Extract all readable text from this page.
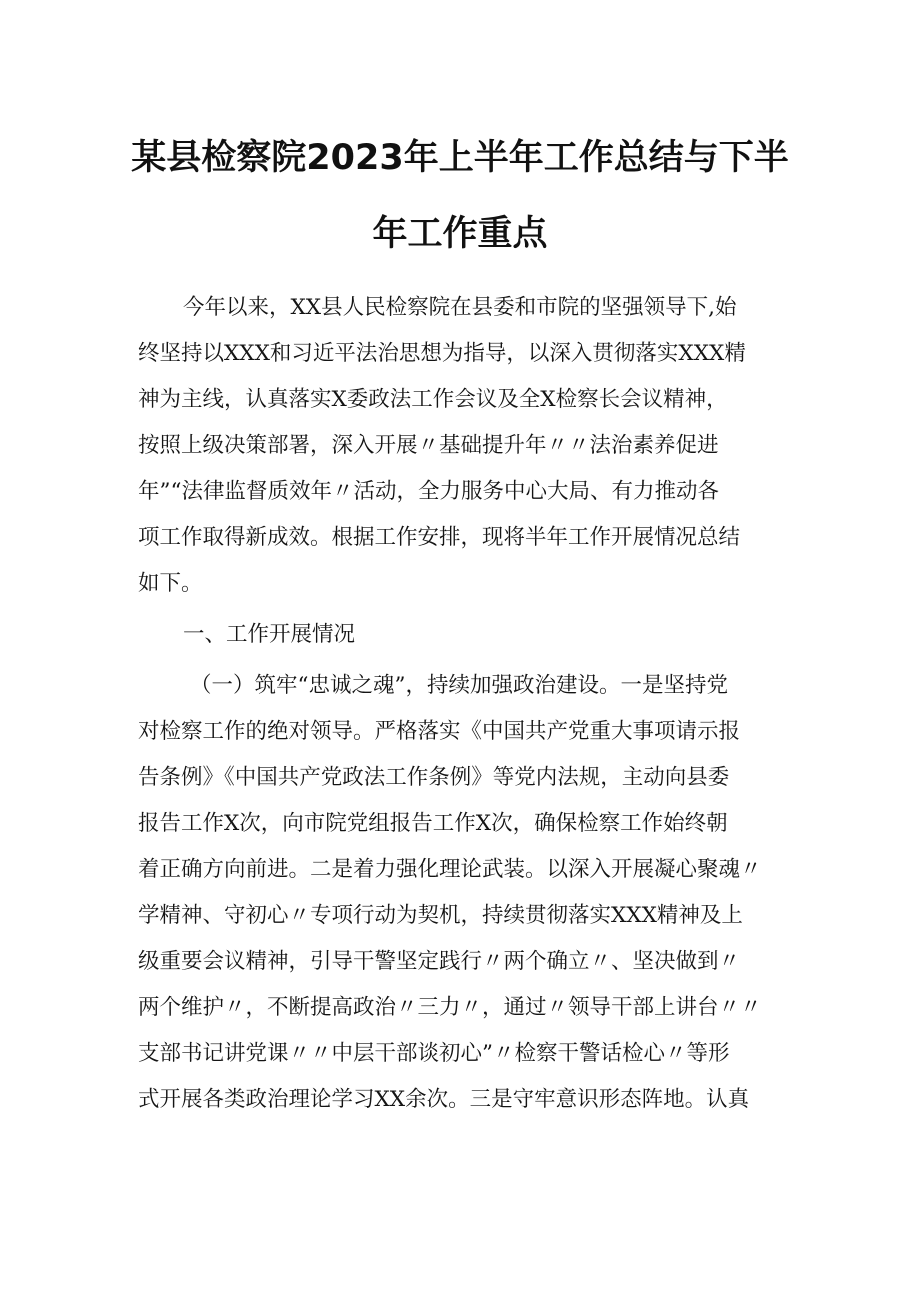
某县检察院2023年上半年工作总结与下半
年工作重点
今年以来，XX县人民检察院在县委和市院的坚强领导下,始
终坚持以XXX和习近平法治思想为指导，以深入贯彻落实XXX精
神为主线，认真落实X委政法工作会议及全X检察长会议精神，
按照上级决策部署，深入开展〃基础提升年〃〃法治素养促进
年”“法律监督质效年〃活动，全力服务中心大局、有力推动各
项工作取得新成效。根据工作安排，现将半年工作开展情况总结
如下。
一、工作开展情况
（一）筑牢“忠诚之魂”，持续加强政治建设。一是坚持党
对检察工作的绝对领导。严格落实《中国共产党重大事项请示报
告条例》《中国共产党政法工作条例》等党内法规，主动向县委
报告工作X次，向市院党组报告工作X次，确保检察工作始终朝
着正确方向前进。二是着力强化理论武装。以深入开展凝心聚魂〃
学精神、守初心〃专项行动为契机，持续贯彻落实XXX精神及上
级重要会议精神，引导干警坚定践行〃两个确立〃、坚决做到〃
两个维护〃，不断提高政治〃三力〃，通过〃领导干部上讲台〃〃
支部书记讲党课〃〃中层干部谈初心”〃检察干警话检心〃等形
式开展各类政治理论学习XX余次。三是守牢意识形态阵地。认真
